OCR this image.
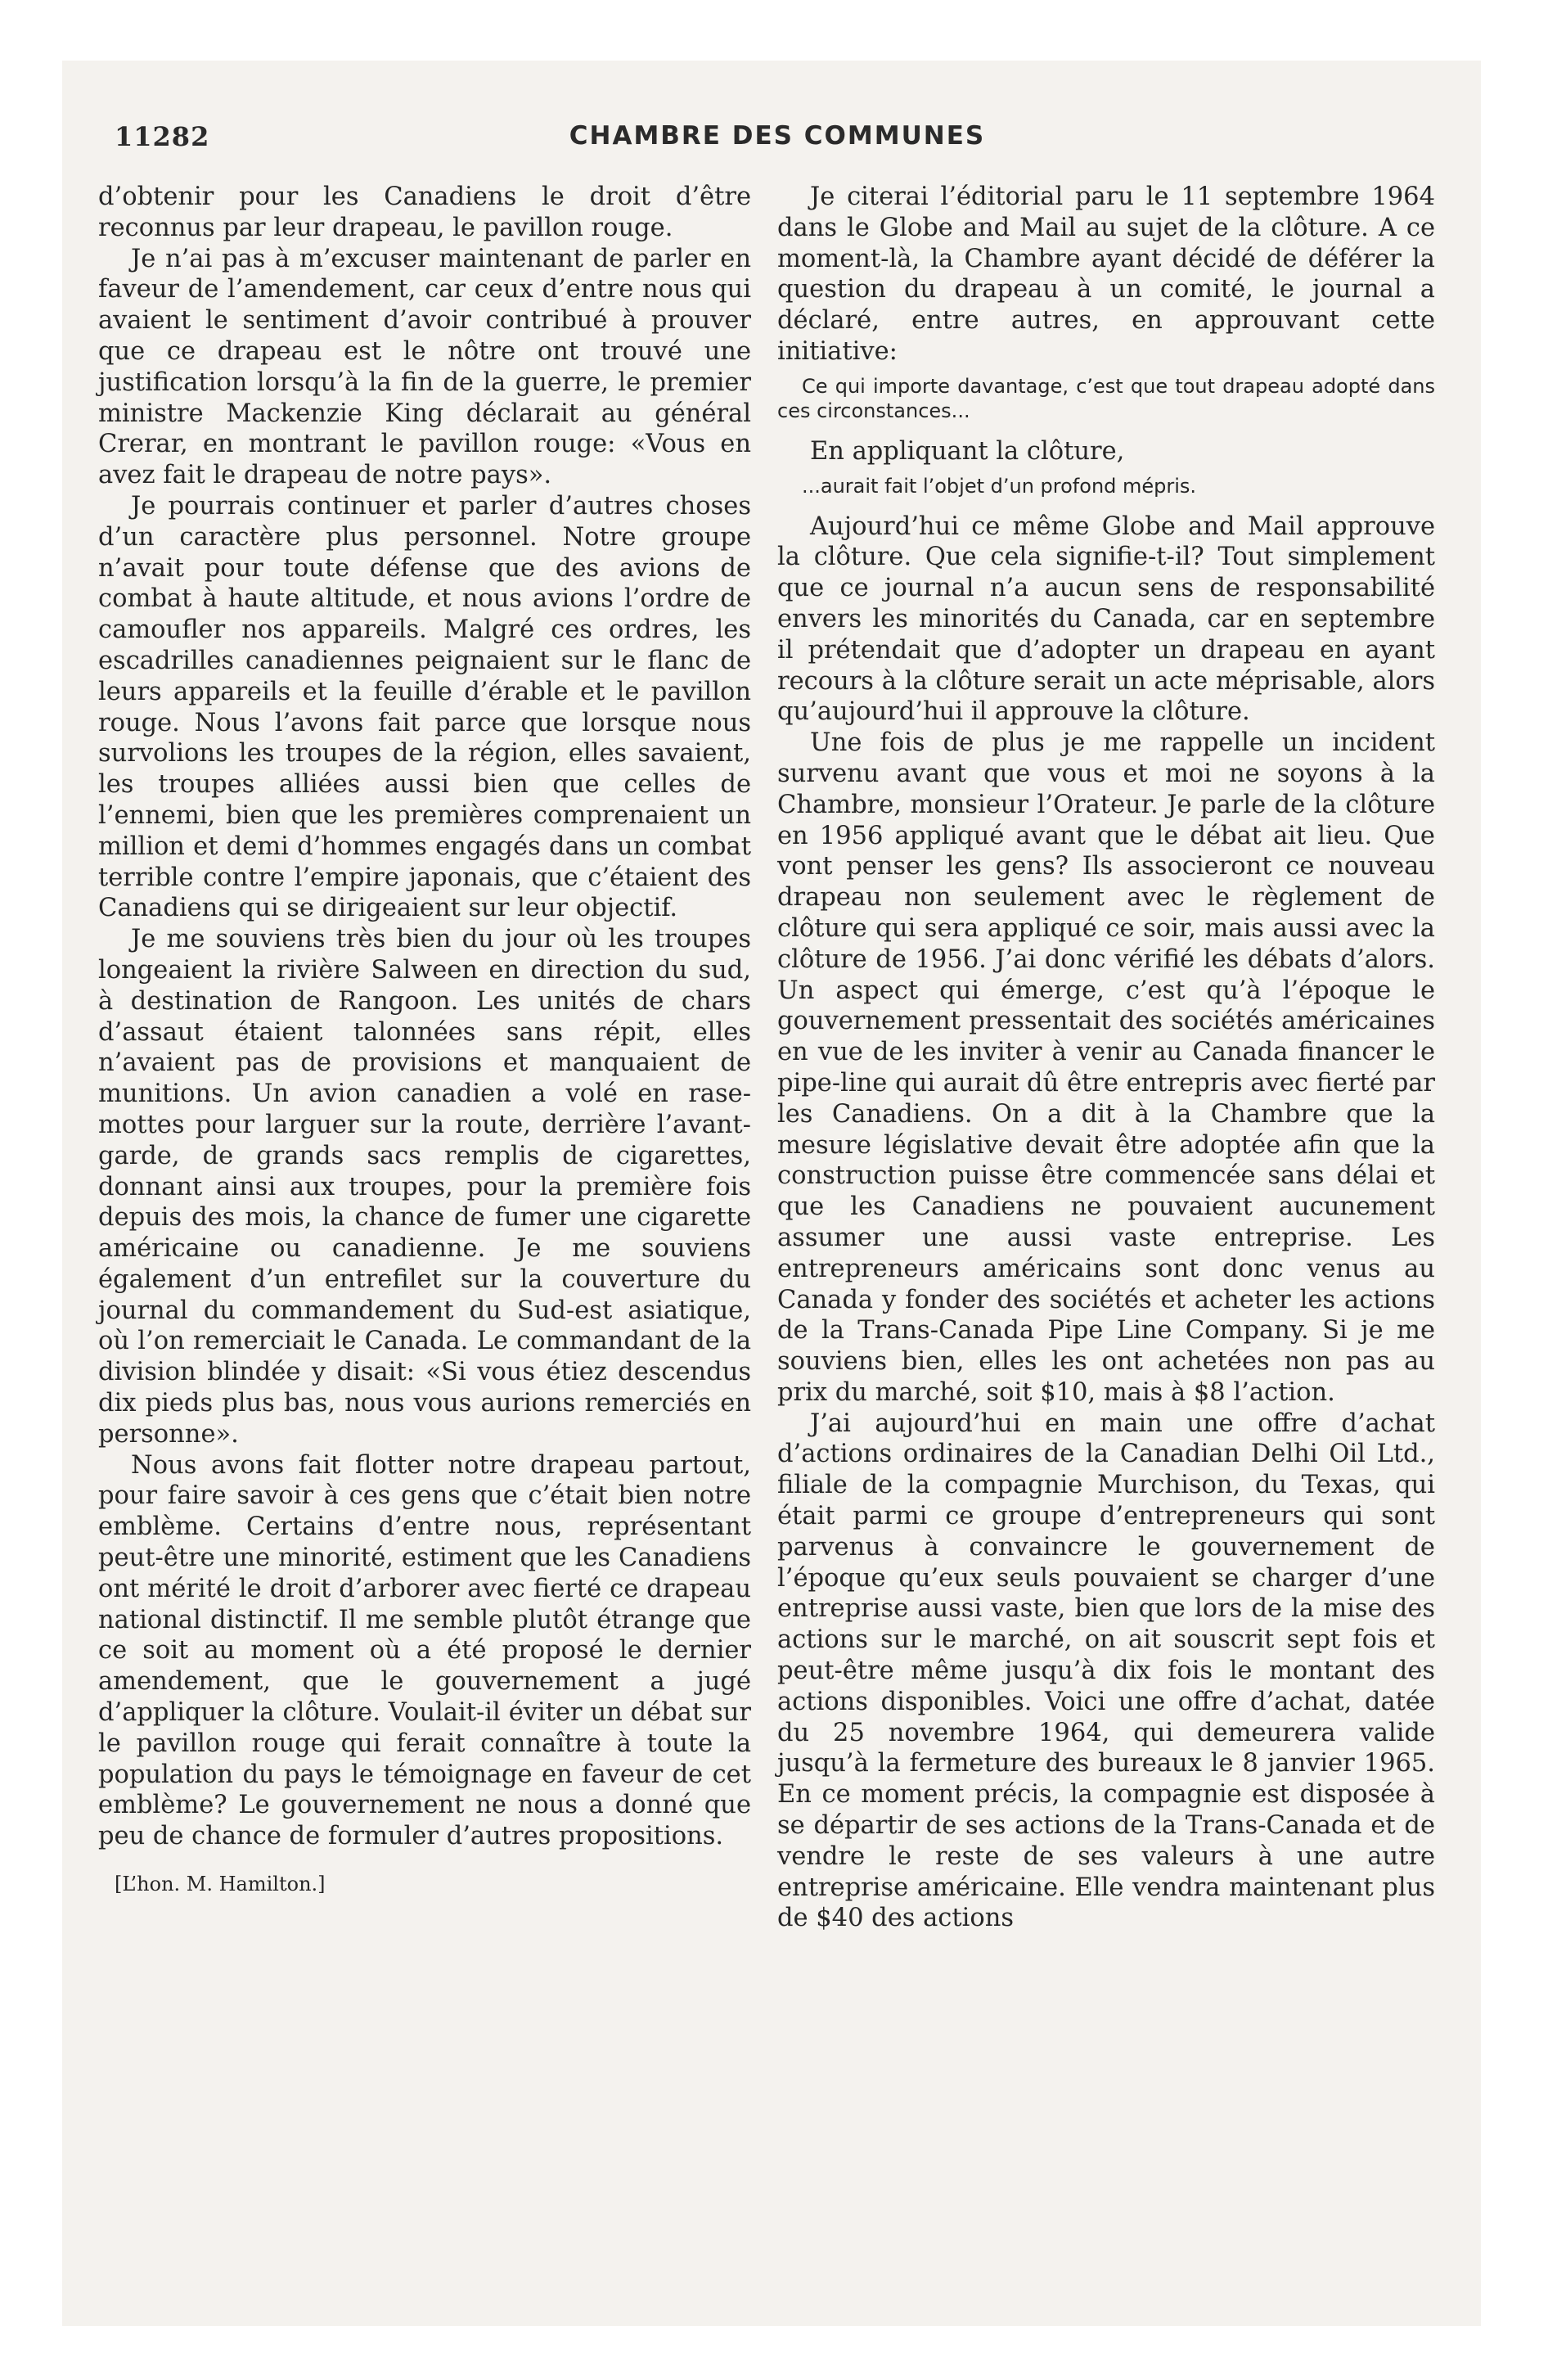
11282	CHAMBRE DES COMMUNES

d’obtenir pour les Canadiens le droit d’être reconnus par leur drapeau, le pavillon rouge.

Je n’ai pas à m’excuser maintenant de parler en faveur de l’amendement, car ceux d’entre nous qui avaient le sentiment d’avoir contribué à prouver que ce drapeau est le nôtre ont trouvé une justification lorsqu’à la fin de la guerre, le premier ministre Mackenzie King déclarait au général Crerar, en montrant le pavillon rouge: «Vous en avez fait le drapeau de notre pays».

Je pourrais continuer et parler d’autres choses d’un caractère plus personnel. Notre groupe n’avait pour toute défense que des avions de combat à haute altitude, et nous avions l’ordre de camoufler nos appareils. Malgré ces ordres, les escadrilles canadiennes peignaient sur le flanc de leurs appareils et la feuille d’érable et le pavillon rouge. Nous l’avons fait parce que lorsque nous survolions les troupes de la région, elles savaient, les troupes alliées aussi bien que celles de l’ennemi, bien que les premières comprenaient un million et demi d’hommes engagés dans un combat terrible contre l’empire japonais, que c’étaient des Canadiens qui se dirigeaient sur leur objectif.

Je me souviens très bien du jour où les troupes longeaient la rivière Salween en direction du sud, à destination de Rangoon. Les unités de chars d’assaut étaient talonnées sans répit, elles n’avaient pas de provisions et manquaient de munitions. Un avion canadien a volé en rase-mottes pour larguer sur la route, derrière l’avant-garde, de grands sacs remplis de cigarettes, donnant ainsi aux troupes, pour la première fois depuis des mois, la chance de fumer une cigarette américaine ou canadienne. Je me souviens également d’un entrefilet sur la couverture du journal du commandement du Sud-est asiatique, où l’on remerciait le Canada. Le commandant de la division blindée y disait: «Si vous étiez descendus dix pieds plus bas, nous vous aurions remerciés en personne».

Nous avons fait flotter notre drapeau partout, pour faire savoir à ces gens que c’était bien notre emblème. Certains d’entre nous, représentant peut-être une minorité, estiment que les Canadiens ont mérité le droit d’arborer avec fierté ce drapeau national distinctif. Il me semble plutôt étrange que ce soit au moment où a été proposé le dernier amendement, que le gouvernement a jugé d’appliquer la clôture. Voulait-il éviter un débat sur le pavillon rouge qui ferait connaître à toute la population du pays le témoignage en faveur de cet emblème? Le gouvernement ne nous a donné que peu de chance de formuler d’autres propositions.

[L’hon. M. Hamilton.]

Je citerai l’éditorial paru le 11 septembre 1964 dans le Globe and Mail au sujet de la clôture. A ce moment-là, la Chambre ayant décidé de déférer la question du drapeau à un comité, le journal a déclaré, entre autres, en approuvant cette initiative:

Ce qui importe davantage, c’est que tout drapeau adopté dans ces circonstances...

En appliquant la clôture,

...aurait fait l’objet d’un profond mépris.

Aujourd’hui ce même Globe and Mail approuve la clôture. Que cela signifie-t-il? Tout simplement que ce journal n’a aucun sens de responsabilité envers les minorités du Canada, car en septembre il prétendait que d’adopter un drapeau en ayant recours à la clôture serait un acte méprisable, alors qu’aujourd’hui il approuve la clôture.

Une fois de plus je me rappelle un incident survenu avant que vous et moi ne soyons à la Chambre, monsieur l’Orateur. Je parle de la clôture en 1956 appliqué avant que le débat ait lieu. Que vont penser les gens? Ils associeront ce nouveau drapeau non seulement avec le règlement de clôture qui sera appliqué ce soir, mais aussi avec la clôture de 1956. J’ai donc vérifié les débats d’alors. Un aspect qui émerge, c’est qu’à l’époque le gouvernement pressentait des sociétés américaines en vue de les inviter à venir au Canada financer le pipe-line qui aurait dû être entrepris avec fierté par les Canadiens. On a dit à la Chambre que la mesure législative devait être adoptée afin que la construction puisse être commencée sans délai et que les Canadiens ne pouvaient aucunement assumer une aussi vaste entreprise. Les entrepreneurs américains sont donc venus au Canada y fonder des sociétés et acheter les actions de la Trans-Canada Pipe Line Company. Si je me souviens bien, elles les ont achetées non pas au prix du marché, soit $10, mais à $8 l’action.

J’ai aujourd’hui en main une offre d’achat d’actions ordinaires de la Canadian Delhi Oil Ltd., filiale de la compagnie Murchison, du Texas, qui était parmi ce groupe d’entrepreneurs qui sont parvenus à convaincre le gouvernement de l’époque qu’eux seuls pouvaient se charger d’une entreprise aussi vaste, bien que lors de la mise des actions sur le marché, on ait souscrit sept fois et peut-être même jusqu’à dix fois le montant des actions disponibles. Voici une offre d’achat, datée du 25 novembre 1964, qui demeurera valide jusqu’à la fermeture des bureaux le 8 janvier 1965. En ce moment précis, la compagnie est disposée à se départir de ses actions de la Trans-Canada et de vendre le reste de ses valeurs à une autre entreprise américaine. Elle vendra maintenant plus de $40 des actions
